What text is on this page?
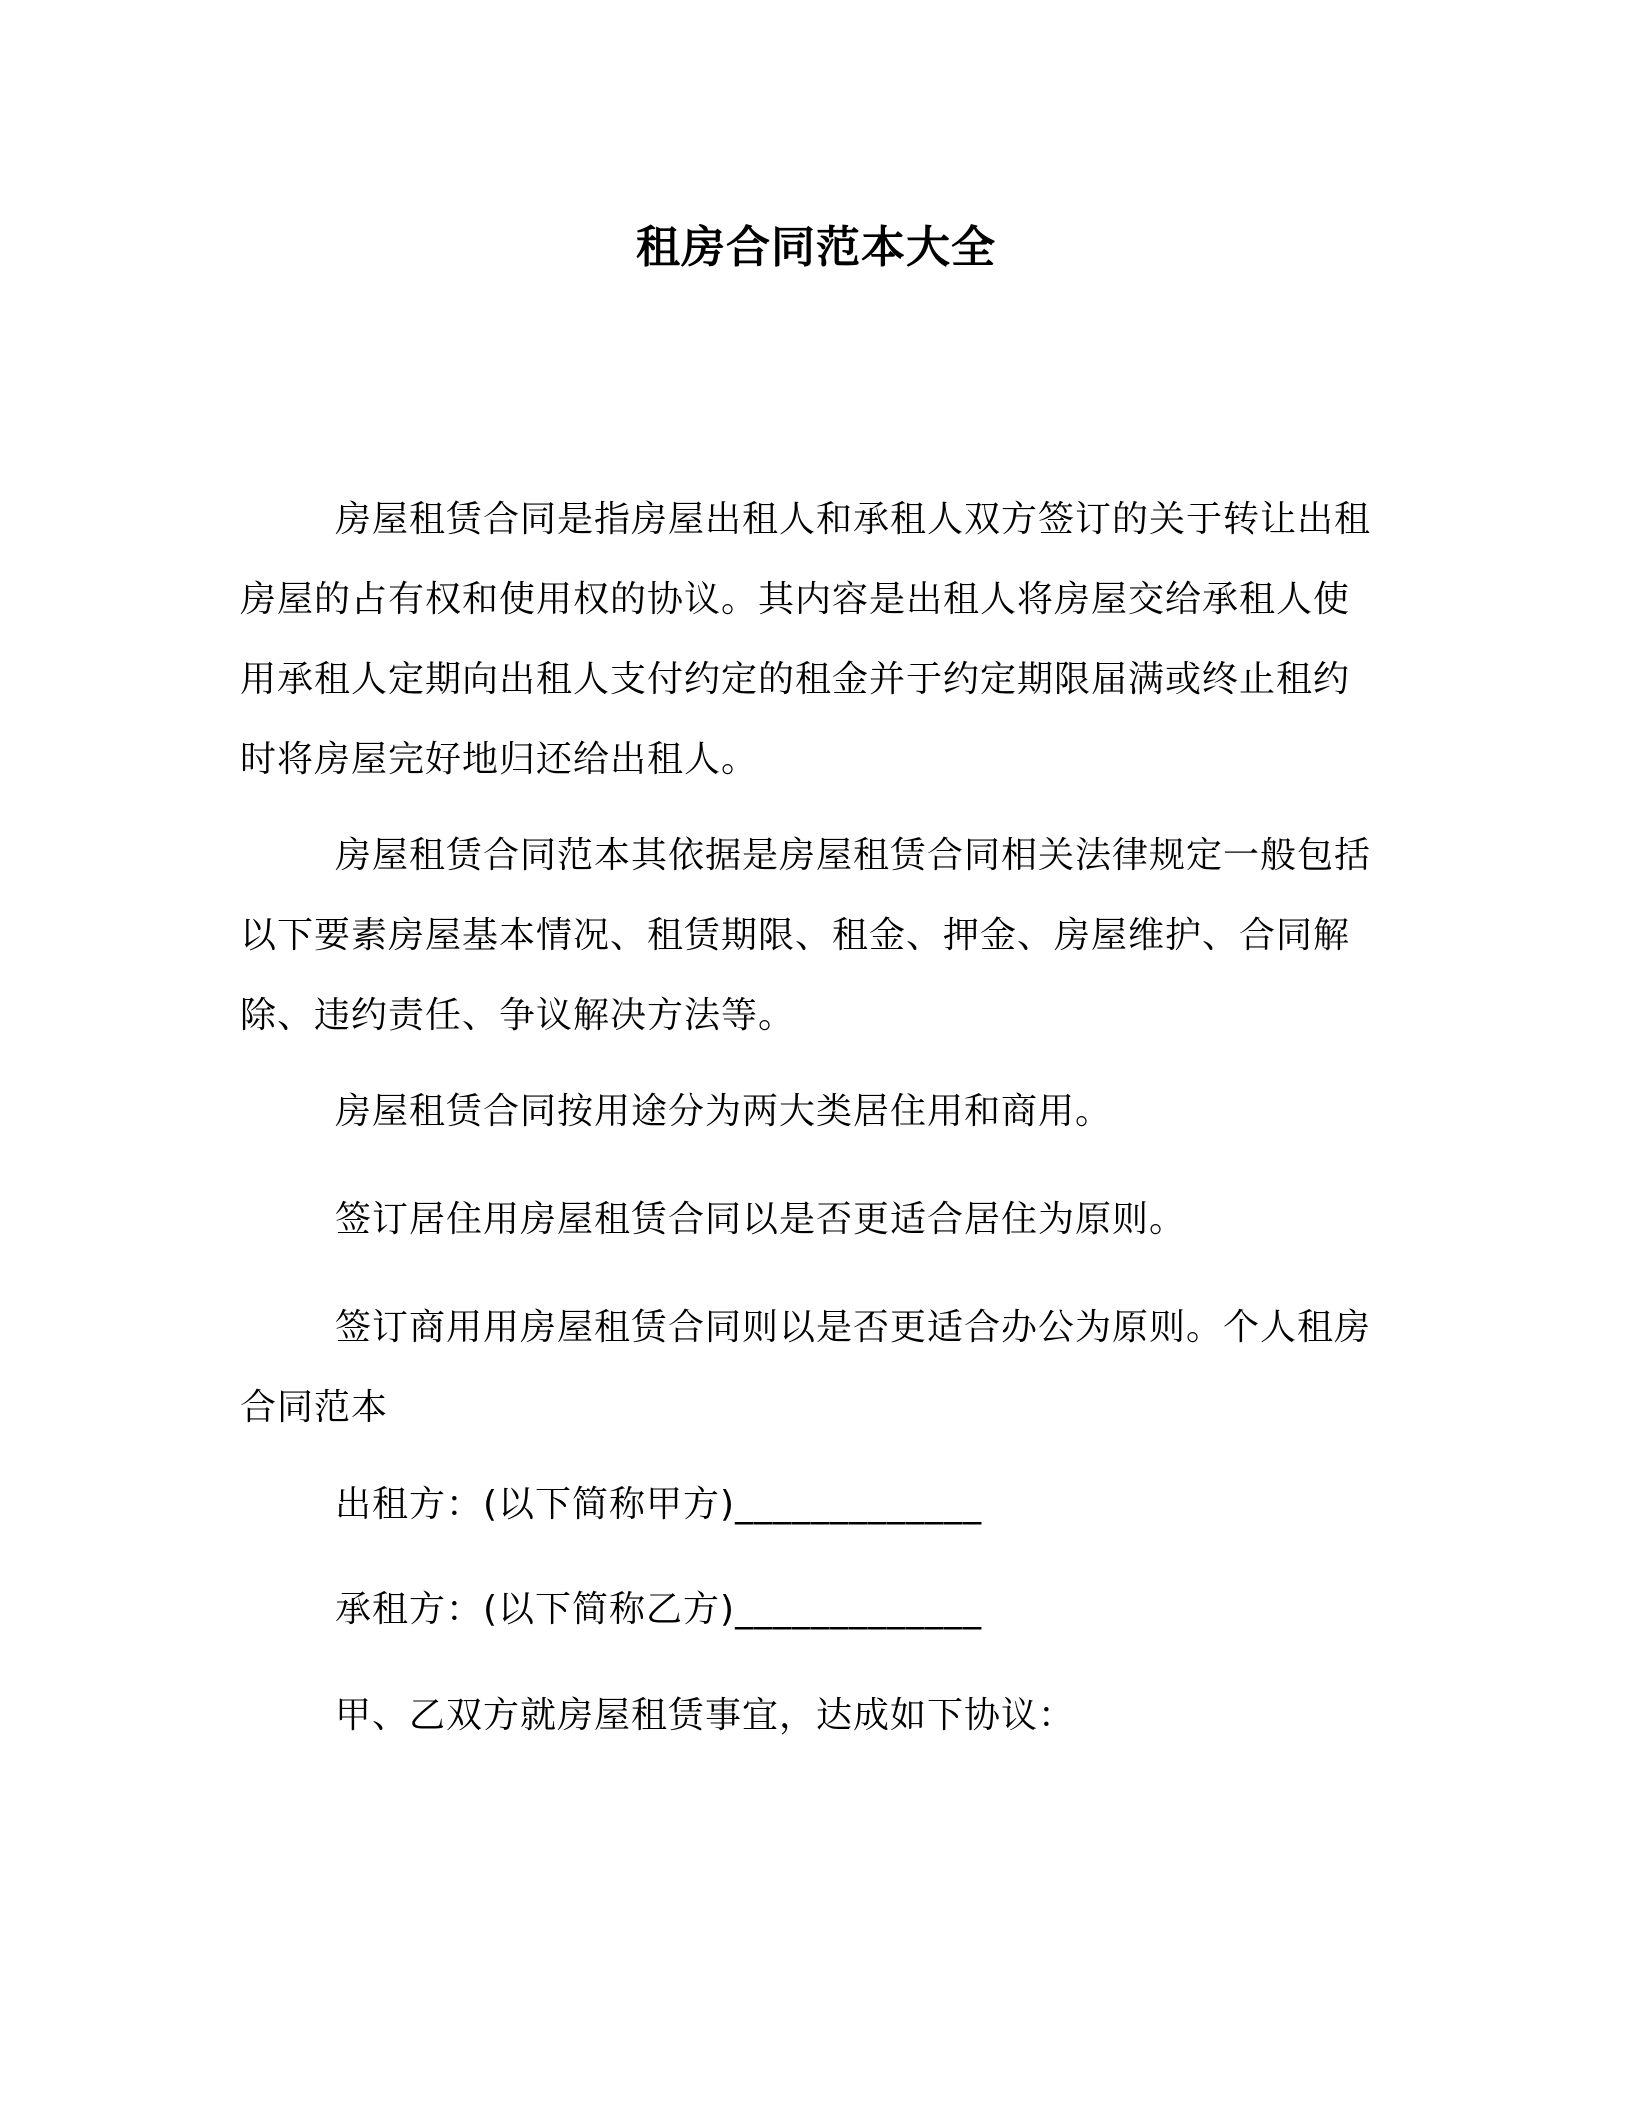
租房合同范本大全

房屋租赁合同是指房屋出租人和承租人双方签订的关于转让出租房屋的占有权和使用权的协议。其内容是出租人将房屋交给承租人使用承租人定期向出租人支付约定的租金并于约定期限届满或终止租约时将房屋完好地归还给出租人。

房屋租赁合同范本其依据是房屋租赁合同相关法律规定一般包括以下要素房屋基本情况、租赁期限、租金、押金、房屋维护、合同解除、违约责任、争议解决方法等。

房屋租赁合同按用途分为两大类居住用和商用。

签订居住用房屋租赁合同以是否更适合居住为原则。

签订商用用房屋租赁合同则以是否更适合办公为原则。个人租房合同范本

出租方：(以下简称甲方)_____________

承租方：(以下简称乙方)_____________

甲、乙双方就房屋租赁事宜，达成如下协议：
